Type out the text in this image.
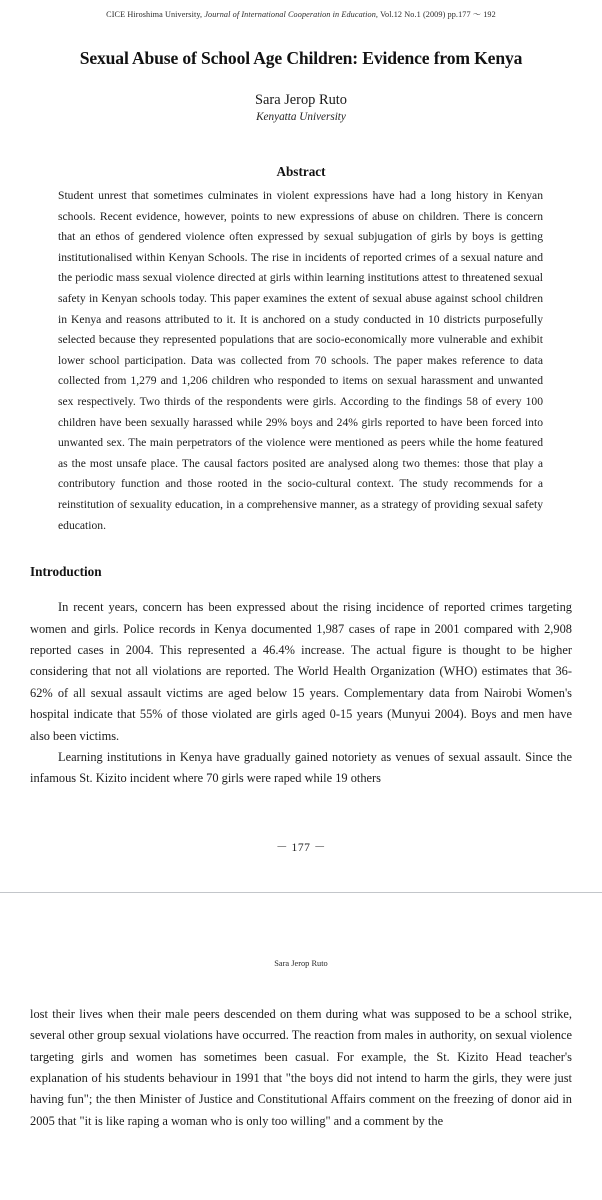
CICE Hiroshima University, Journal of International Cooperation in Education, Vol.12 No.1 (2009) pp.177 ～ 192
Sexual Abuse of School Age Children: Evidence from Kenya
Sara Jerop Ruto
Kenyatta University
Abstract
Student unrest that sometimes culminates in violent expressions have had a long history in Kenyan schools. Recent evidence, however, points to new expressions of abuse on children. There is concern that an ethos of gendered violence often expressed by sexual subjugation of girls by boys is getting institutionalised within Kenyan Schools. The rise in incidents of reported crimes of a sexual nature and the periodic mass sexual violence directed at girls within learning institutions attest to threatened sexual safety in Kenyan schools today. This paper examines the extent of sexual abuse against school children in Kenya and reasons attributed to it. It is anchored on a study conducted in 10 districts purposefully selected because they represented populations that are socio-economically more vulnerable and exhibit lower school participation. Data was collected from 70 schools. The paper makes reference to data collected from 1,279 and 1,206 children who responded to items on sexual harassment and unwanted sex respectively. Two thirds of the respondents were girls. According to the findings 58 of every 100 children have been sexually harassed while 29% boys and 24% girls reported to have been forced into unwanted sex. The main perpetrators of the violence were mentioned as peers while the home featured as the most unsafe place. The causal factors posited are analysed along two themes: those that play a contributory function and those rooted in the socio-cultural context. The study recommends for a reinstitution of sexuality education, in a comprehensive manner, as a strategy of providing sexual safety education.
Introduction

In recent years, concern has been expressed about the rising incidence of reported crimes targeting women and girls. Police records in Kenya documented 1,987 cases of rape in 2001 compared with 2,908 reported cases in 2004. This represented a 46.4% increase. The actual figure is thought to be higher considering that not all violations are reported. The World Health Organization (WHO) estimates that 36-62% of all sexual assault victims are aged below 15 years. Complementary data from Nairobi Women's hospital indicate that 55% of those violated are girls aged 0-15 years (Munyui 2004). Boys and men have also been victims.

Learning institutions in Kenya have gradually gained notoriety as venues of sexual assault. Since the infamous St. Kizito incident where 70 girls were raped while 19 others

－ 177 －
Sara Jerop Ruto

lost their lives when their male peers descended on them during what was supposed to be a school strike, several other group sexual violations have occurred. The reaction from males in authority, on sexual violence targeting girls and women has sometimes been casual. For example, the St. Kizito Head teacher's explanation of his students behaviour in 1991 that "the boys did not intend to harm the girls, they were just having fun"; the then Minister of Justice and Constitutional Affairs comment on the freezing of donor aid in 2005 that "it is like raping a woman who is only too willing" and a comment by the
